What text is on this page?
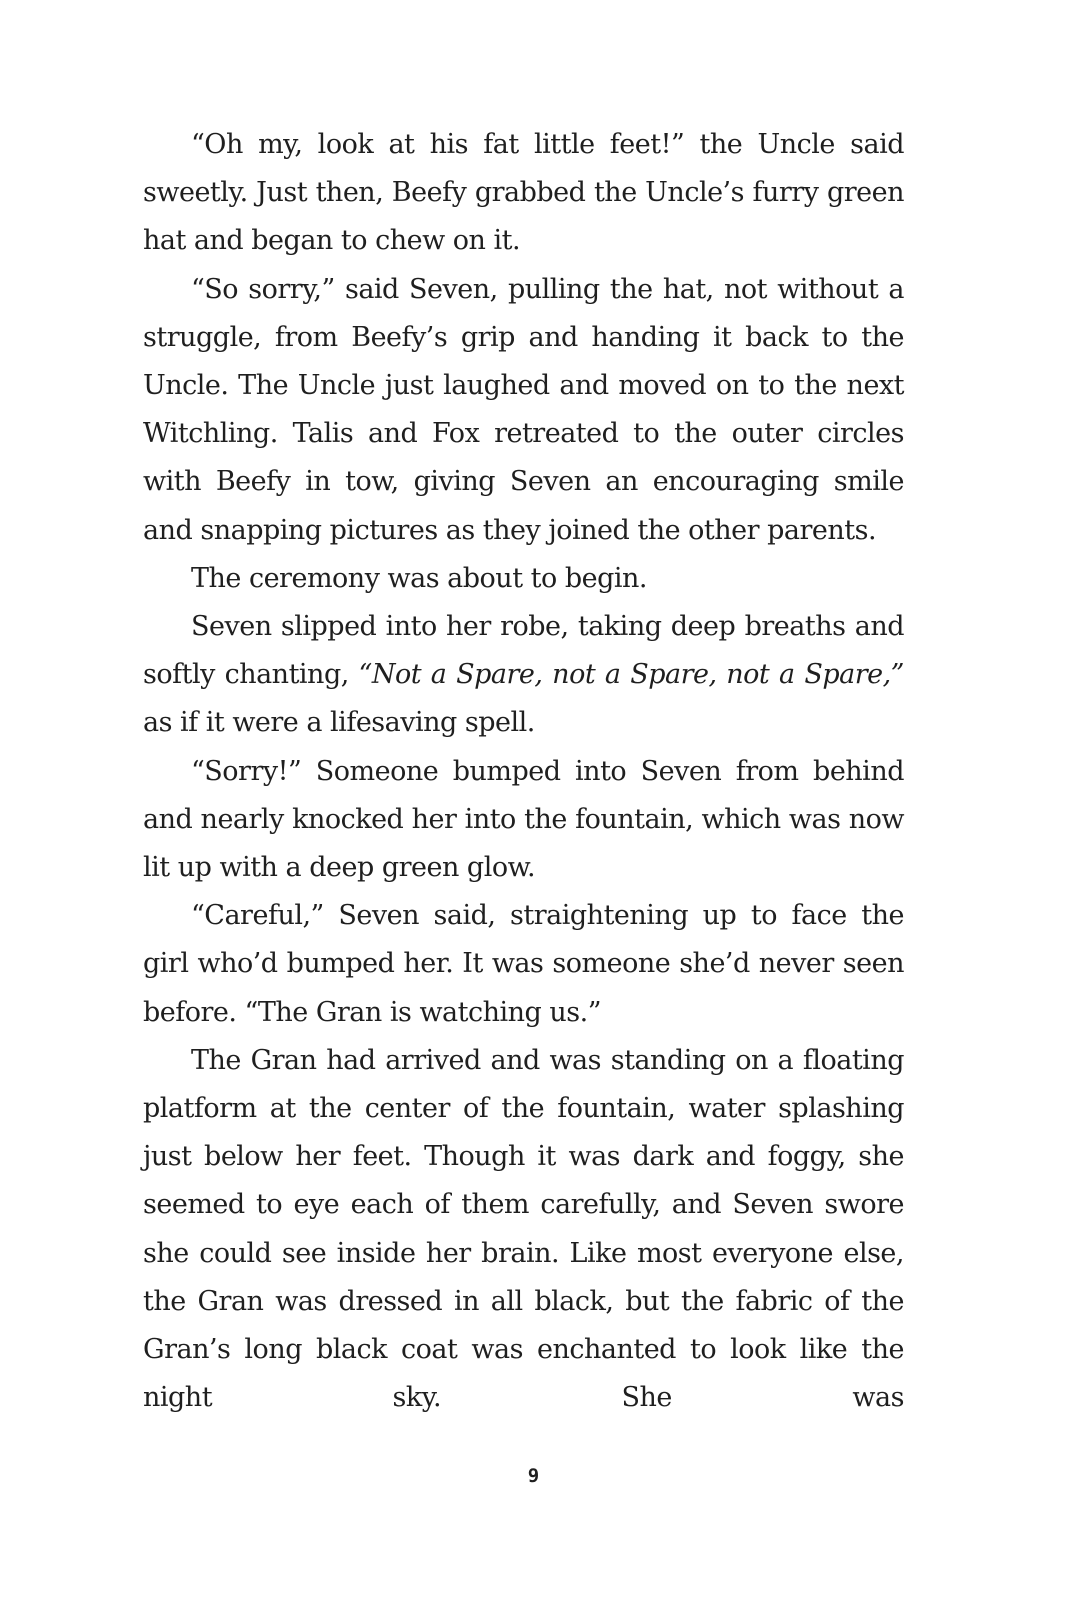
“Oh my, look at his fat little feet!” the Uncle said sweetly. Just then, Beefy grabbed the Uncle’s furry green hat and began to chew on it.

“So sorry,” said Seven, pulling the hat, not without a struggle, from Beefy’s grip and handing it back to the Uncle. The Uncle just laughed and moved on to the next Witchling. Talis and Fox retreated to the outer circles with Beefy in tow, giving Seven an encouraging smile and snapping pictures as they joined the other parents.

The ceremony was about to begin.

Seven slipped into her robe, taking deep breaths and softly chanting, “Not a Spare, not a Spare, not a Spare,” as if it were a lifesaving spell.

“Sorry!” Someone bumped into Seven from behind and nearly knocked her into the fountain, which was now lit up with a deep green glow.

“Careful,” Seven said, straightening up to face the girl who’d bumped her. It was someone she’d never seen before. “The Gran is watching us.”

The Gran had arrived and was standing on a floating platform at the center of the fountain, water splashing just below her feet. Though it was dark and foggy, she seemed to eye each of them carefully, and Seven swore she could see inside her brain. Like most everyone else, the Gran was dressed in all black, but the fabric of the Gran’s long black coat was enchanted to look like the night sky. She was

9
